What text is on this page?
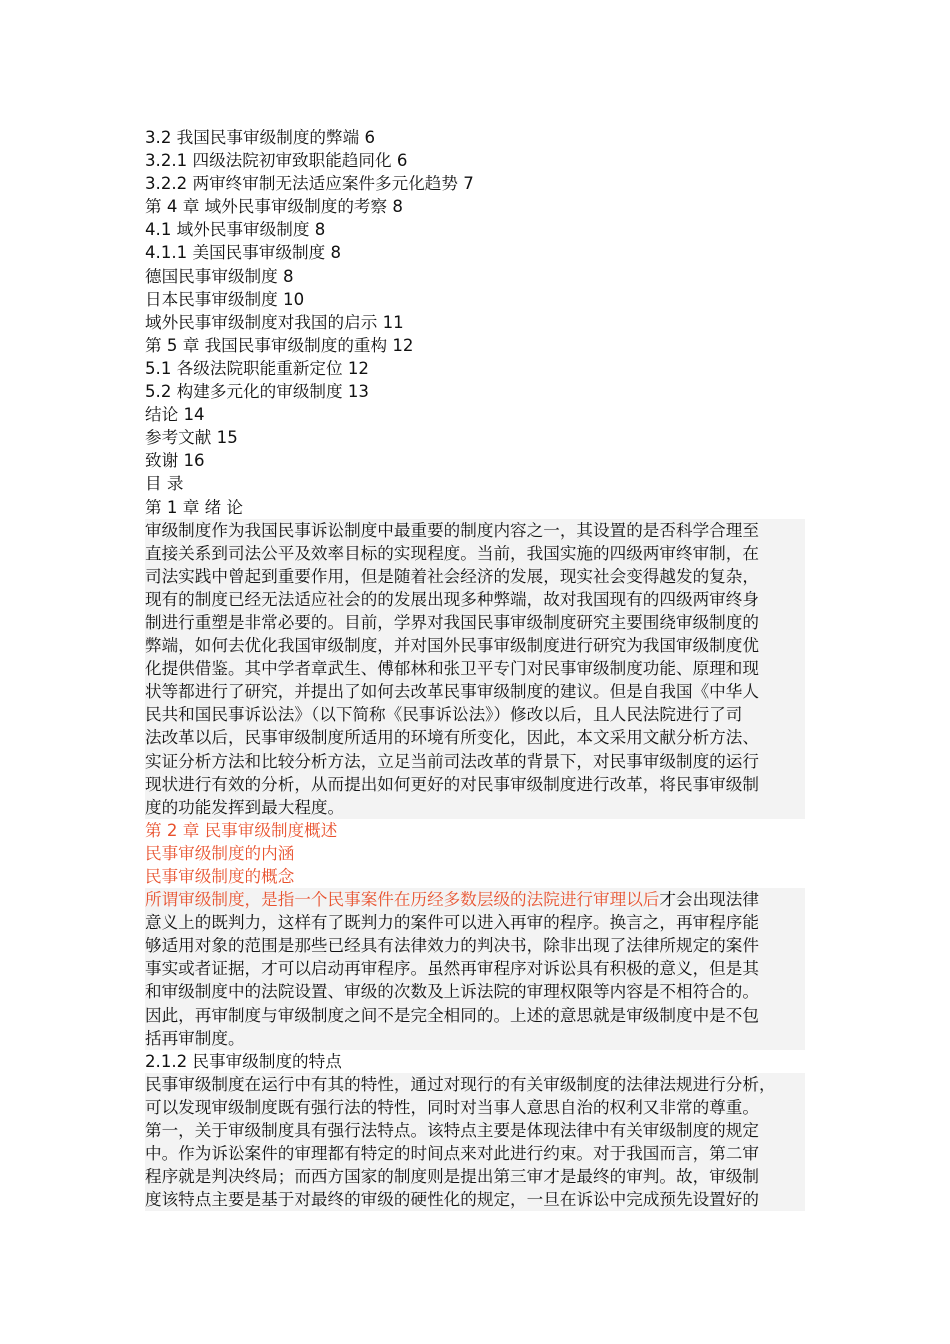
3.2 我国民事审级制度的弊端 6
3.2.1 四级法院初审致职能趋同化 6
3.2.2 两审终审制无法适应案件多元化趋势 7
第 4 章 域外民事审级制度的考察 8
4.1 域外民事审级制度 8
4.1.1 美国民事审级制度 8
德国民事审级制度 8
日本民事审级制度 10
域外民事审级制度对我国的启示 11
第 5 章 我国民事审级制度的重构 12
5.1 各级法院职能重新定位 12
5.2 构建多元化的审级制度 13
结论 14
参考文献 15
致谢 16
目 录
第 1 章 绪 论
审级制度作为我国民事诉讼制度中最重要的制度内容之一，其设置的是否科学合理至
直接关系到司法公平及效率目标的实现程度。当前，我国实施的四级两审终审制，在
司法实践中曾起到重要作用，但是随着社会经济的发展，现实社会变得越发的复杂，
现有的制度已经无法适应社会的的发展出现多种弊端，故对我国现有的四级两审终身
制进行重塑是非常必要的。目前，学界对我国民事审级制度研究主要围绕审级制度的
弊端，如何去优化我国审级制度，并对国外民事审级制度进行研究为我国审级制度优
化提供借鉴。其中学者章武生、傅郁林和张卫平专门对民事审级制度功能、原理和现
状等都进行了研究，并提出了如何去改革民事审级制度的建议。但是自我国《中华人
民共和国民事诉讼法》（以下简称《民事诉讼法》）修改以后，且人民法院进行了司
法改革以后，民事审级制度所适用的环境有所变化，因此，本文采用文献分析方法、
实证分析方法和比较分析方法，立足当前司法改革的背景下，对民事审级制度的运行
现状进行有效的分析，从而提出如何更好的对民事审级制度进行改革，将民事审级制
度的功能发挥到最大程度。
第 2 章 民事审级制度概述
民事审级制度的内涵
民事审级制度的概念
所谓审级制度，是指一个民事案件在历经多数层级的法院进行审理以后才会出现法律
意义上的既判力，这样有了既判力的案件可以进入再审的程序。换言之，再审程序能
够适用对象的范围是那些已经具有法律效力的判决书，除非出现了法律所规定的案件
事实或者证据，才可以启动再审程序。虽然再审程序对诉讼具有积极的意义，但是其
和审级制度中的法院设置、审级的次数及上诉法院的审理权限等内容是不相符合的。
因此，再审制度与审级制度之间不是完全相同的。上述的意思就是审级制度中是不包
括再审制度。
2.1.2 民事审级制度的特点
民事审级制度在运行中有其的特性，通过对现行的有关审级制度的法律法规进行分析，
可以发现审级制度既有强行法的特性，同时对当事人意思自治的权利又非常的尊重。
第一，关于审级制度具有强行法特点。该特点主要是体现法律中有关审级制度的规定
中。作为诉讼案件的审理都有特定的时间点来对此进行约束。对于我国而言，第二审
程序就是判决终局；而西方国家的制度则是提出第三审才是最终的审判。故，审级制
度该特点主要是基于对最终的审级的硬性化的规定，一旦在诉讼中完成预先设置好的
